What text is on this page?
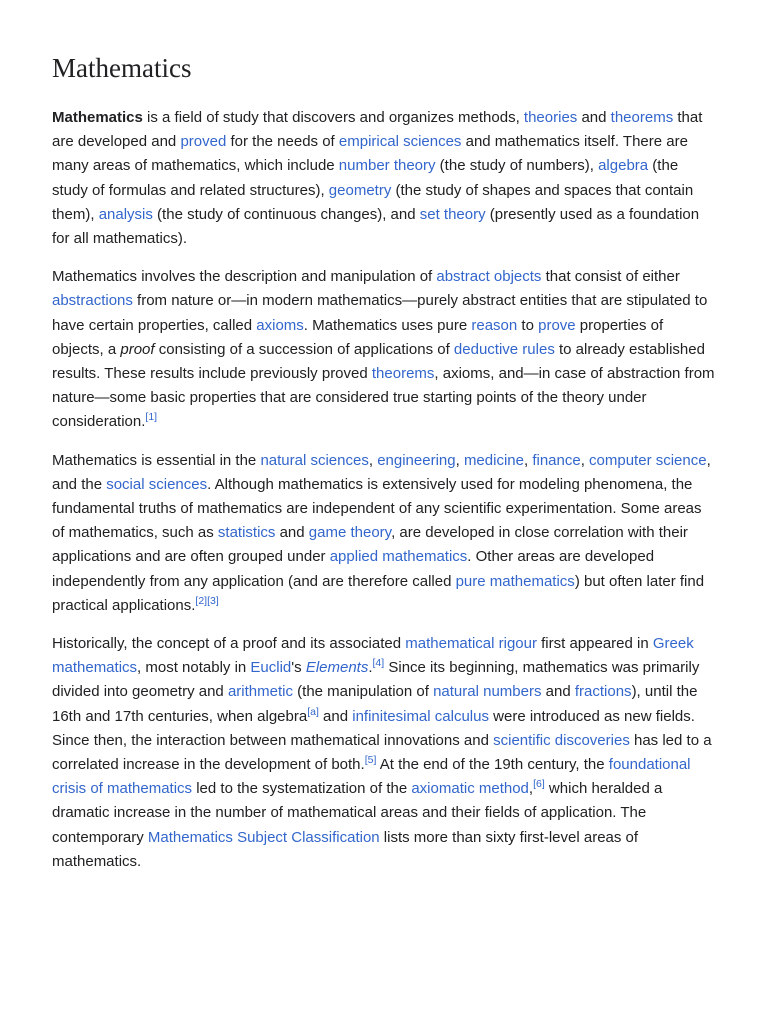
Mathematics

Mathematics is a field of study that discovers and organizes methods, theories and theorems that are developed and proved for the needs of empirical sciences and mathematics itself. There are many areas of mathematics, which include number theory (the study of numbers), algebra (the study of formulas and related structures), geometry (the study of shapes and spaces that contain them), analysis (the study of continuous changes), and set theory (presently used as a foundation for all mathematics).

Mathematics involves the description and manipulation of abstract objects that consist of either abstractions from nature or—in modern mathematics—purely abstract entities that are stipulated to have certain properties, called axioms. Mathematics uses pure reason to prove properties of objects, a proof consisting of a succession of applications of deductive rules to already established results. These results include previously proved theorems, axioms, and—in case of abstraction from nature—some basic properties that are considered true starting points of the theory under consideration.[1]

Mathematics is essential in the natural sciences, engineering, medicine, finance, computer science, and the social sciences. Although mathematics is extensively used for modeling phenomena, the fundamental truths of mathematics are independent of any scientific experimentation. Some areas of mathematics, such as statistics and game theory, are developed in close correlation with their applications and are often grouped under applied mathematics. Other areas are developed independently from any application (and are therefore called pure mathematics) but often later find practical applications.[2][3]

Historically, the concept of a proof and its associated mathematical rigour first appeared in Greek mathematics, most notably in Euclid's Elements.[4] Since its beginning, mathematics was primarily divided into geometry and arithmetic (the manipulation of natural numbers and fractions), until the 16th and 17th centuries, when algebra[a] and infinitesimal calculus were introduced as new fields. Since then, the interaction between mathematical innovations and scientific discoveries has led to a correlated increase in the development of both.[5] At the end of the 19th century, the foundational crisis of mathematics led to the systematization of the axiomatic method,[6] which heralded a dramatic increase in the number of mathematical areas and their fields of application. The contemporary Mathematics Subject Classification lists more than sixty first-level areas of mathematics.
